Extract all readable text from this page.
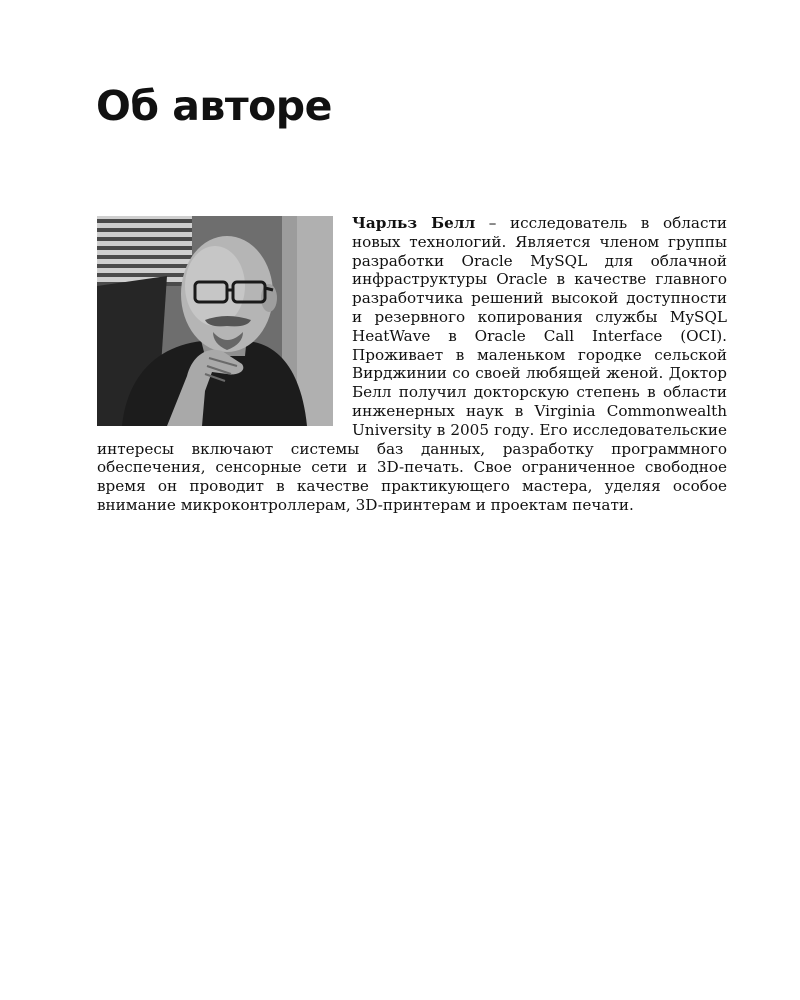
Об авторе

Чарльз Белл – исследователь в области новых технологий. Является членом группы разработки Oracle MySQL для облачной инфраструктуры Oracle в качестве главного разработчика решений высокой доступности и резервного копирования службы MySQL HeatWave в Oracle Call Interface (OCI). Проживает в маленьком городке сельской Вирджинии со своей любящей женой. Доктор Белл получил докторскую степень в области инженерных наук в Virginia Commonwealth University в 2005 году. Его исследовательские интересы включают системы баз данных, разработку программного обеспечения, сенсорные сети и 3D-печать. Свое ограниченное свободное время он проводит в качестве практикующего мастера, уделяя особое внимание микроконтроллерам, 3D-принтерам и проектам печати.
